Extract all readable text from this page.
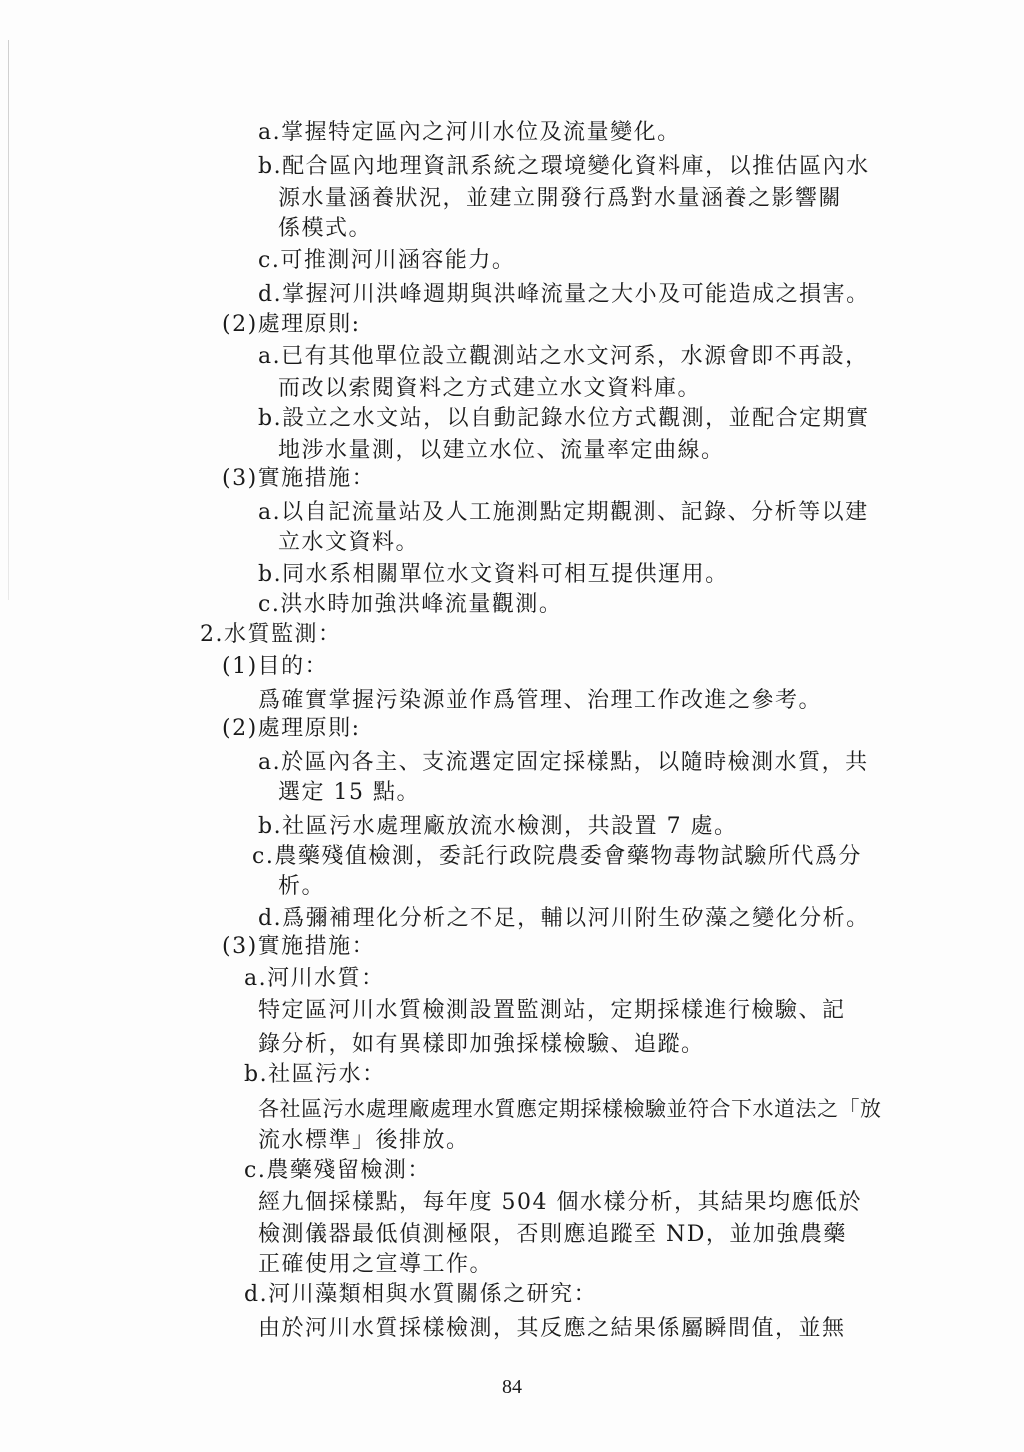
a.掌握特定區內之河川水位及流量變化。
b.配合區內地理資訊系統之環境變化資料庫，以推估區內水
源水量涵養狀況，並建立開發行爲對水量涵養之影響關
係模式。
c.可推測河川涵容能力。
d.掌握河川洪峰週期與洪峰流量之大小及可能造成之損害。
(2)處理原則:
a.已有其他單位設立觀測站之水文河系，水源會即不再設，
而改以索閱資料之方式建立水文資料庫。
b.設立之水文站，以自動記錄水位方式觀測，並配合定期實
地涉水量測，以建立水位、流量率定曲線。
(3)實施措施：
a.以自記流量站及人工施測點定期觀測、記錄、分析等以建
立水文資料。
b.同水系相關單位水文資料可相互提供運用。
c.洪水時加強洪峰流量觀測。
2.水質監測：
(1)目的：
爲確實掌握污染源並作爲管理、治理工作改進之參考。
(2)處理原則:
a.於區內各主、支流選定固定採樣點，以隨時檢測水質，共
選定 15 點。
b.社區污水處理廠放流水檢測，共設置 7 處。
c.農藥殘值檢測，委託行政院農委會藥物毒物試驗所代爲分
析。
d.爲彌補理化分析之不足，輔以河川附生矽藻之變化分析。
(3)實施措施：
a.河川水質：
特定區河川水質檢測設置監測站，定期採樣進行檢驗、記
錄分析，如有異樣即加強採樣檢驗、追蹤。
b.社區污水：
各社區污水處理廠處理水質應定期採樣檢驗並符合下水道法之「放
流水標準」後排放。
c.農藥殘留檢測：
經九個採樣點，每年度 504 個水樣分析，其結果均應低於
檢測儀器最低偵測極限，否則應追蹤至 ND，並加強農藥
正確使用之宣導工作。
d.河川藻類相與水質關係之研究：
由於河川水質採樣檢測，其反應之結果係屬瞬間值，並無
84
